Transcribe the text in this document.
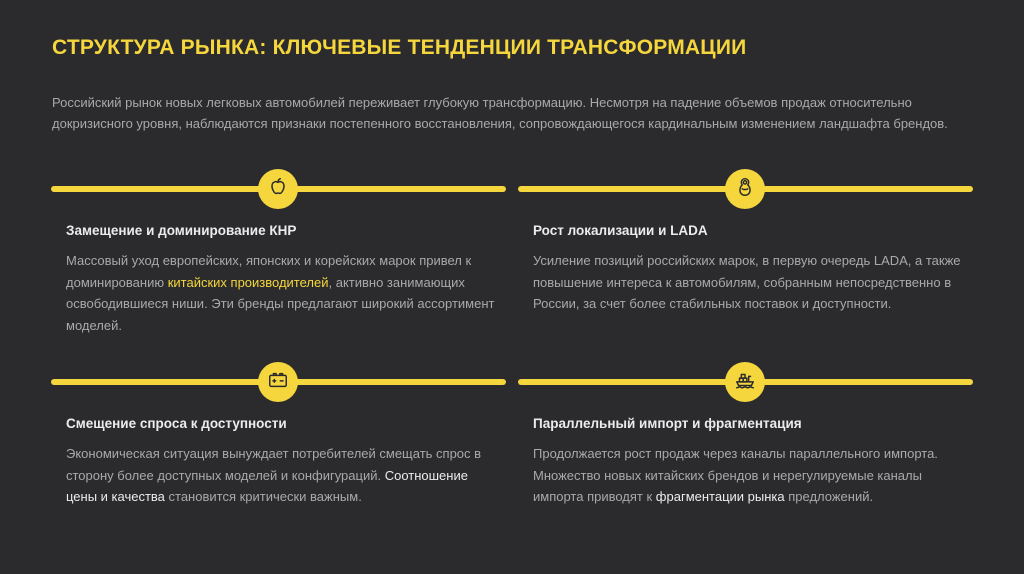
СТРУКТУРА РЫНКА: КЛЮЧЕВЫЕ ТЕНДЕНЦИИ ТРАНСФОРМАЦИИ
Российский рынок новых легковых автомобилей переживает глубокую трансформацию. Несмотря на падение объемов продаж относительно докризисного уровня, наблюдаются признаки постепенного восстановления, сопровождающегося кардинальным изменением ландшафта брендов.
Замещение и доминирование КНР
Массовый уход европейских, японских и корейских марок привел к доминированию китайских производителей, активно занимающих освободившиеся ниши. Эти бренды предлагают широкий ассортимент моделей.
Рост локализации и LADA
Усиление позиций российских марок, в первую очередь LADA, а также повышение интереса к автомобилям, собранным непосредственно в России, за счет более стабильных поставок и доступности.
Смещение спроса к доступности
Экономическая ситуация вынуждает потребителей смещать спрос в сторону более доступных моделей и конфигураций. Соотношение цены и качества становится критически важным.
Параллельный импорт и фрагментация
Продолжается рост продаж через каналы параллельного импорта. Множество новых китайских брендов и нерегулируемые каналы импорта приводят к фрагментации рынка предложений.
